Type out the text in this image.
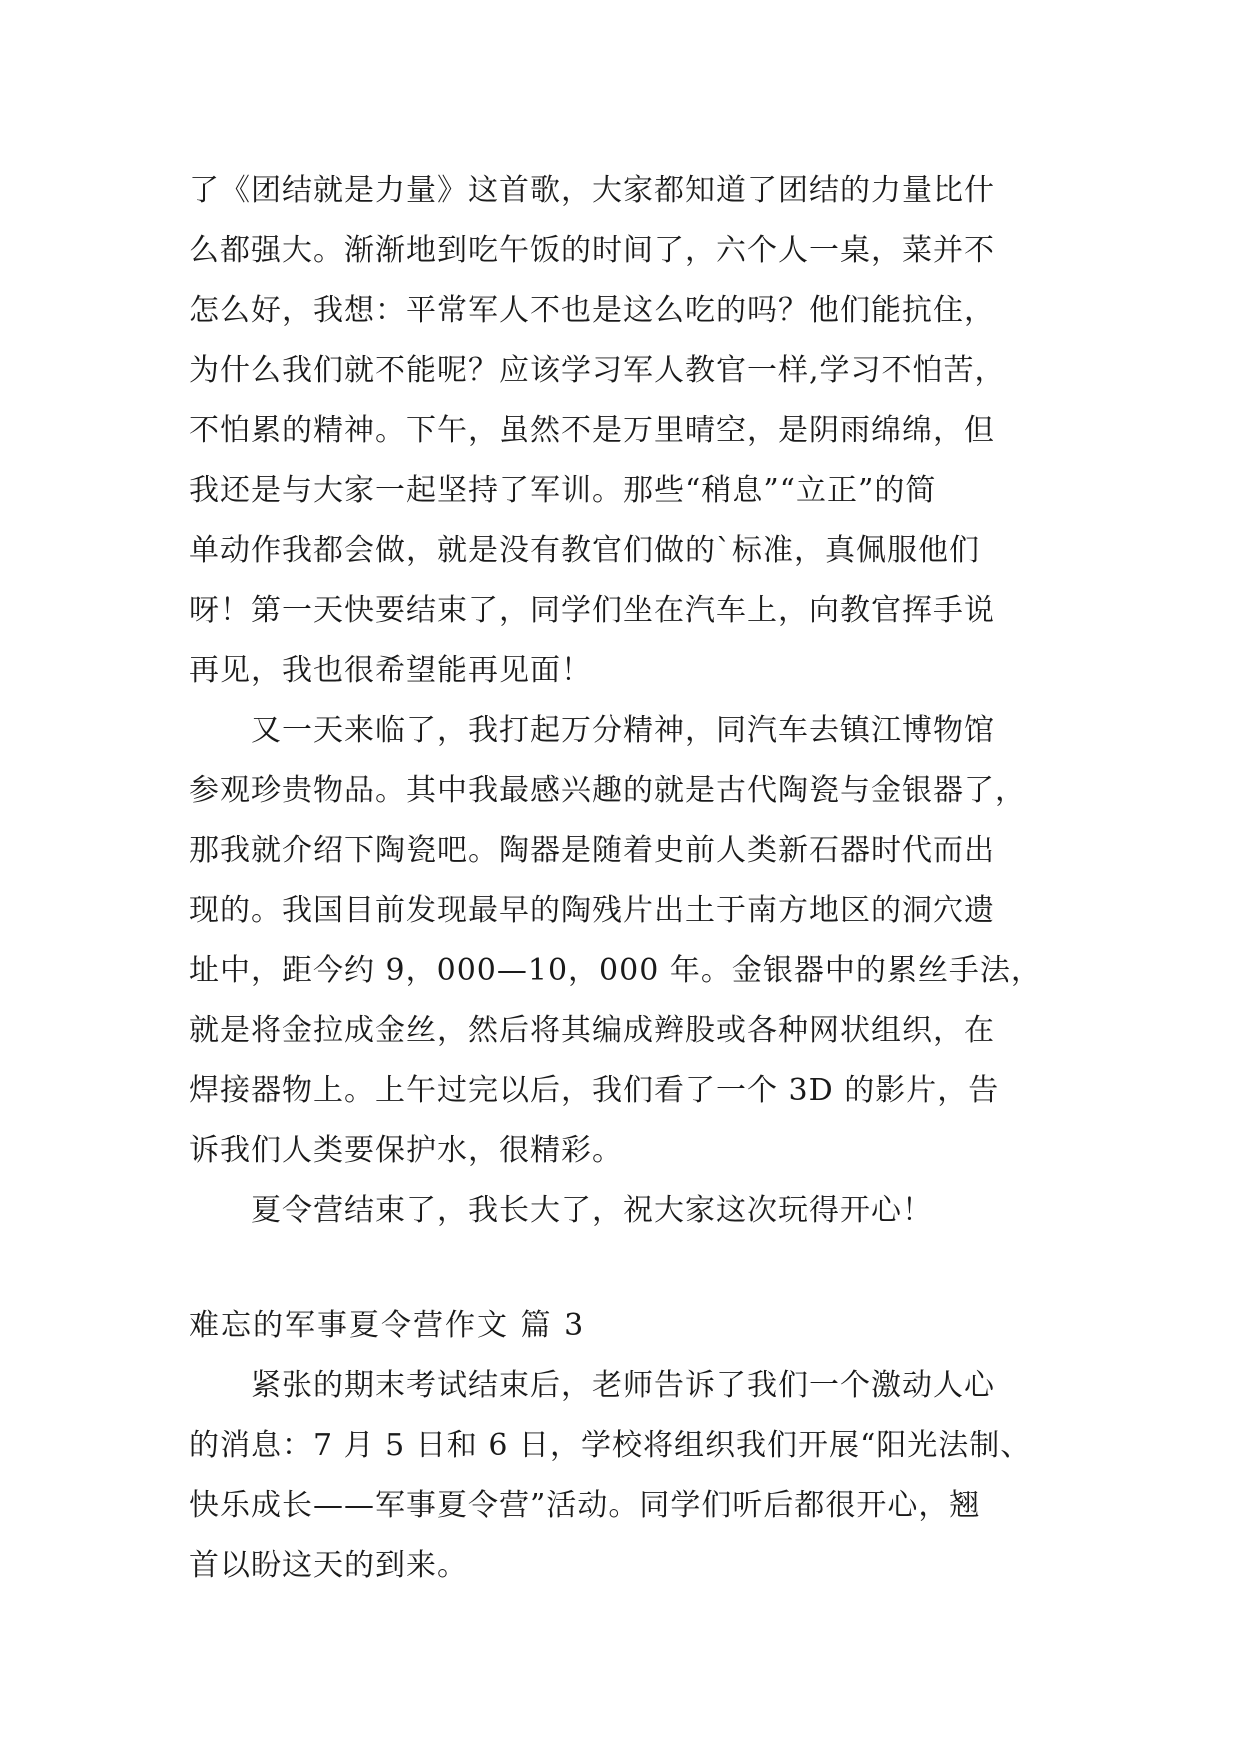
了《团结就是力量》这首歌，大家都知道了团结的力量比什
么都强大。渐渐地到吃午饭的时间了，六个人一桌，菜并不
怎么好，我想：平常军人不也是这么吃的吗？他们能抗住，
为什么我们就不能呢？应该学习军人教官一样,学习不怕苦，
不怕累的精神。下午，虽然不是万里晴空，是阴雨绵绵，但
我还是与大家一起坚持了军训。那些“稍息”“立正”的简
单动作我都会做，就是没有教官们做的`标准，真佩服他们
呀！第一天快要结束了，同学们坐在汽车上，向教官挥手说
再见，我也很希望能再见面！
　　又一天来临了，我打起万分精神，同汽车去镇江博物馆
参观珍贵物品。其中我最感兴趣的就是古代陶瓷与金银器了，
那我就介绍下陶瓷吧。陶器是随着史前人类新石器时代而出
现的。我国目前发现最早的陶残片出土于南方地区的洞穴遗
址中，距今约 9，000—10，000 年。金银器中的累丝手法，
就是将金拉成金丝，然后将其编成辫股或各种网状组织，在
焊接器物上。上午过完以后，我们看了一个 3D 的影片，告
诉我们人类要保护水，很精彩。
　　夏令营结束了，我长大了，祝大家这次玩得开心！
难忘的军事夏令营作文 篇 3
　　紧张的期末考试结束后，老师告诉了我们一个激动人心
的消息：7 月 5 日和 6 日，学校将组织我们开展“阳光法制、
快乐成长——军事夏令营”活动。同学们听后都很开心，翘
首以盼这天的到来。
